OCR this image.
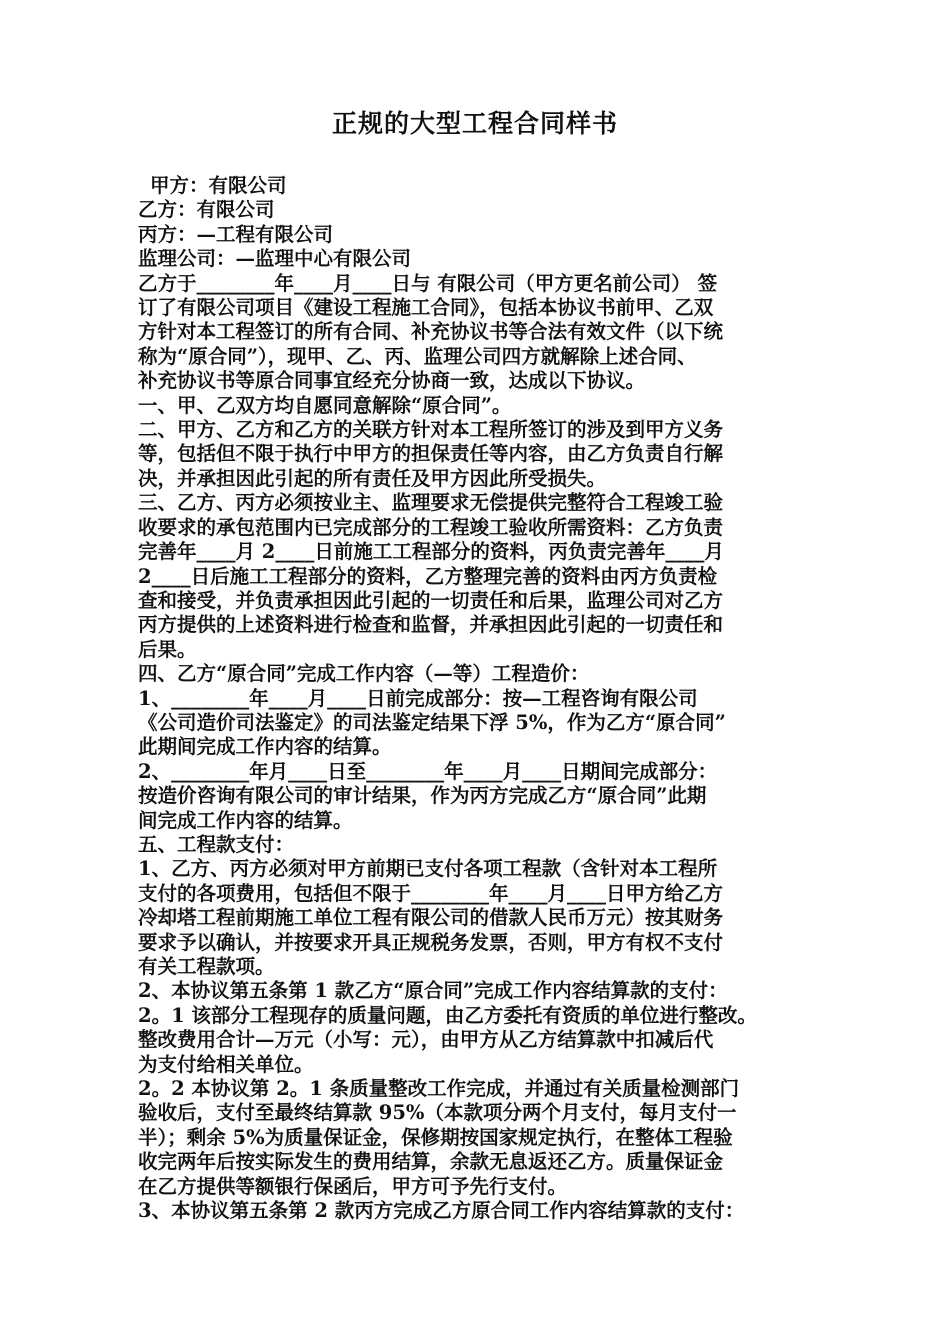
正规的大型工程合同样书
甲方：有限公司
乙方：有限公司
丙方：—工程有限公司
监理公司：—监理中心有限公司
乙方于________年____月____日与 有限公司（甲方更名前公司） 签
订了有限公司项目《建设工程施工合同》，包括本协议书前甲、乙双
方针对本工程签订的所有合同、补充协议书等合法有效文件（以下统
称为“原合同”），现甲、乙、丙、监理公司四方就解除上述合同、
补充协议书等原合同事宜经充分协商一致，达成以下协议。
一、甲、乙双方均自愿同意解除“原合同”。
二、甲方、乙方和乙方的关联方针对本工程所签订的涉及到甲方义务
等，包括但不限于执行中甲方的担保责任等内容，由乙方负责自行解
决，并承担因此引起的所有责任及甲方因此所受损失。
三、乙方、丙方必须按业主、监理要求无偿提供完整符合工程竣工验
收要求的承包范围内已完成部分的工程竣工验收所需资料：乙方负责
完善年____月 2____日前施工工程部分的资料，丙负责完善年____月
2____日后施工工程部分的资料，乙方整理完善的资料由丙方负责检
查和接受，并负责承担因此引起的一切责任和后果，监理公司对乙方
丙方提供的上述资料进行检查和监督，并承担因此引起的一切责任和
后果。
四、乙方“原合同”完成工作内容（—等）工程造价：
1、________年____月____日前完成部分：按—工程咨询有限公司
《公司造价司法鉴定》的司法鉴定结果下浮 5%，作为乙方“原合同”
此期间完成工作内容的结算。
2、________年月____日至________年____月____日期间完成部分：
按造价咨询有限公司的审计结果，作为丙方完成乙方“原合同”此期
间完成工作内容的结算。
五、工程款支付：
1、乙方、丙方必须对甲方前期已支付各项工程款（含针对本工程所
支付的各项费用，包括但不限于________年____月____日甲方给乙方
冷却塔工程前期施工单位工程有限公司的借款人民币万元）按其财务
要求予以确认，并按要求开具正规税务发票，否则，甲方有权不支付
有关工程款项。
2、本协议第五条第 1 款乙方“原合同”完成工作内容结算款的支付：
2。1 该部分工程现存的质量问题，由乙方委托有资质的单位进行整改。
整改费用合计—万元（小写：元），由甲方从乙方结算款中扣减后代
为支付给相关单位。
2。2 本协议第 2。1 条质量整改工作完成，并通过有关质量检测部门
验收后，支付至最终结算款 95%（本款项分两个月支付，每月支付一
半）；剩余 5%为质量保证金，保修期按国家规定执行，在整体工程验
收完两年后按实际发生的费用结算，余款无息返还乙方。质量保证金
在乙方提供等额银行保函后，甲方可予先行支付。
3、本协议第五条第 2 款丙方完成乙方原合同工作内容结算款的支付：
